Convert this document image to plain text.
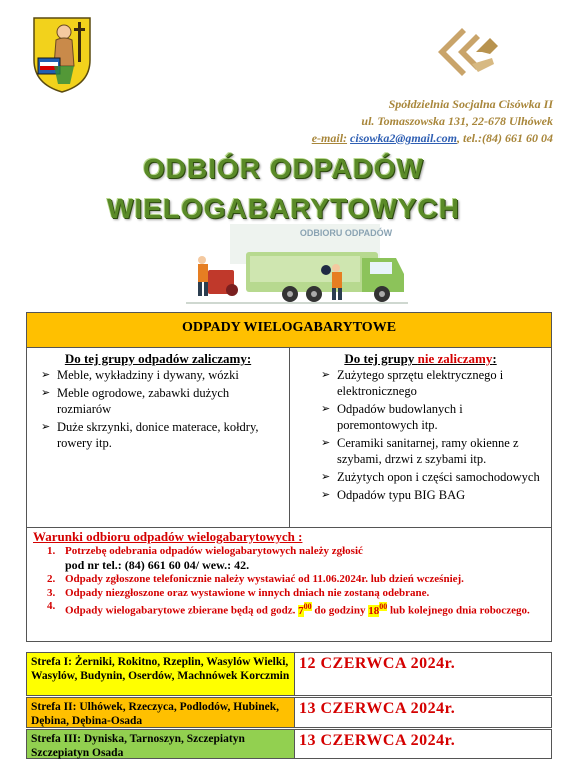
Spółdzielnia Socjalna Cisówka II
ul. Tomaszowska 131, 22-678 Ulhówek
e-mail: cisowka2@gmail.com, tel.:(84) 661 60 04
ODBIÓR ODPADÓW
WIELOGABARYTOWYCH
ODBIORU ODPADÓW
ODPADY WIELOGABARYTOWE
Do tej grupy odpadów zaliczamy:
➢ Meble, wykładziny i dywany, wózki
➢ Meble ogrodowe, zabawki dużych rozmiarów
➢ Duże skrzynki, donice materace, kołdry, rowery itp.
Do tej grupy nie zaliczamy:
➢ Zużytego sprzętu elektrycznego i elektronicznego
➢ Odpadów budowlanych i poremontowych itp.
➢ Ceramiki sanitarnej, ramy okienne z szybami, drzwi z szybami itp.
➢ Zużytych opon i części samochodowych
➢ Odpadów typu BIG BAG
Warunki odbioru odpadów wielogabarytowych :
1. Potrzebę odebrania odpadów wielogabarytowych należy zgłosić
pod nr tel.: (84) 661 60 04/ wew.: 42.
2. Odpady zgłoszone telefonicznie należy wystawiać od 11.06.2024r. lub dzień wcześniej.
3. Odpady niezgłoszone oraz wystawione w innych dniach nie zostaną odebrane.
4. Odpady wielogabarytowe zbierane będą od godz. $7^{00}$ do godziny $18^{00}$ lub kolejnego dnia roboczego.
Strefa I: Żerniki, Rokitno, Rzeplin, Wasylów Wielki, Wasylów, Budynin, Oserdów, Machnówek Korczmin
12 CZERWCA 2024r.
Strefa II: Ulhówek, Rzeczyca, Podlodów, Hubinek, Dębina, Dębina-Osada
13 CZERWCA 2024r.
Strefa III: Dyniska, Tarnoszyn, Szczepiatyn Szczepiatyn Osada
13 CZERWCA 2024r.
